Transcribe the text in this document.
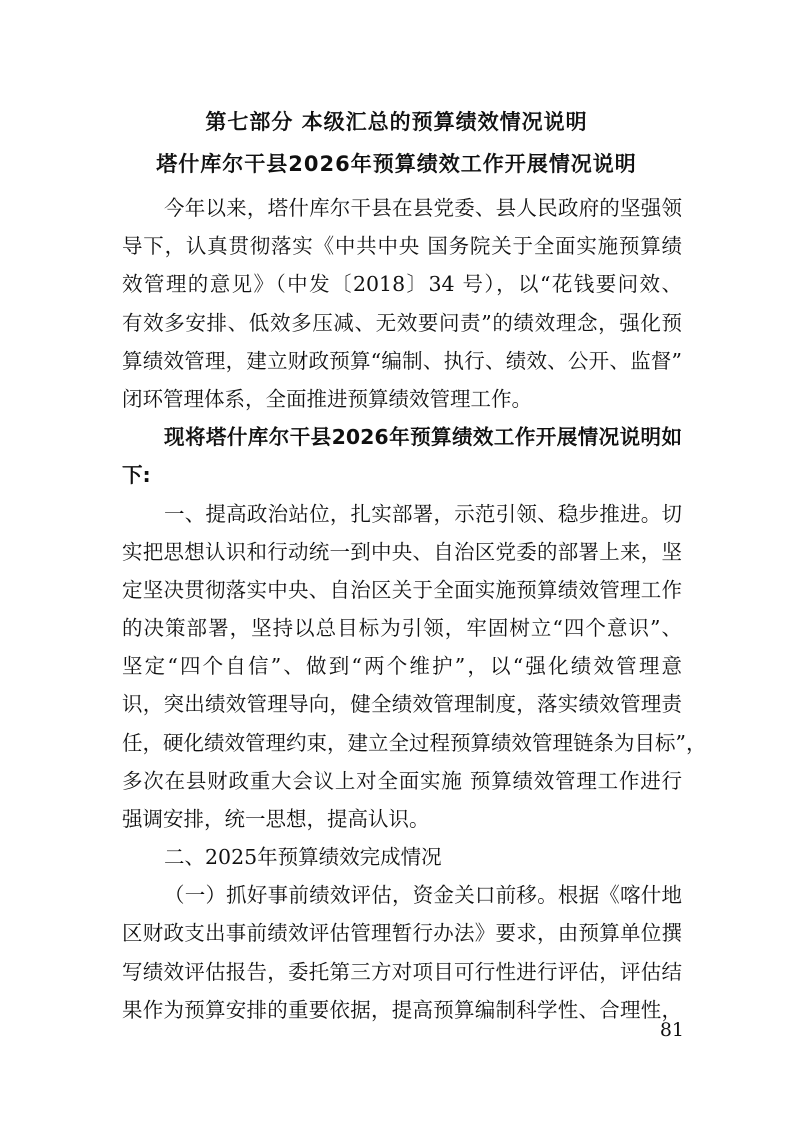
第七部分 本级汇总的预算绩效情况说明
塔什库尔干县2026年预算绩效工作开展情况说明
今年以来，塔什库尔干县在县党委、县人民政府的坚强领
导下，认真贯彻落实《中共中央 国务院关于全面实施预算绩
效管理的意见》（中发〔2018〕34 号），以“花钱要问效、
有效多安排、低效多压减、无效要问责”的绩效理念，强化预
算绩效管理，建立财政预算“编制、执行、绩效、公开、监督”
闭环管理体系，全面推进预算绩效管理工作。
现将塔什库尔干县2026年预算绩效工作开展情况说明如
下:
一、提高政治站位，扎实部署，示范引领、稳步推进。切
实把思想认识和行动统一到中央、自治区党委的部署上来，坚
定坚决贯彻落实中央、自治区关于全面实施预算绩效管理工作
的决策部署，坚持以总目标为引领，牢固树立“四个意识”、
坚定“四个自信”、做到“两个维护”，以“强化绩效管理意
识，突出绩效管理导向，健全绩效管理制度，落实绩效管理责
任，硬化绩效管理约束，建立全过程预算绩效管理链条为目标”，
多次在县财政重大会议上对全面实施 预算绩效管理工作进行
强调安排，统一思想，提高认识。
二、2025年预算绩效完成情况
（一）抓好事前绩效评估，资金关口前移。根据《喀什地
区财政支出事前绩效评估管理暂行办法》要求，由预算单位撰
写绩效评估报告，委托第三方对项目可行性进行评估，评估结
果作为预算安排的重要依据，提高预算编制科学性、合理性，
81
